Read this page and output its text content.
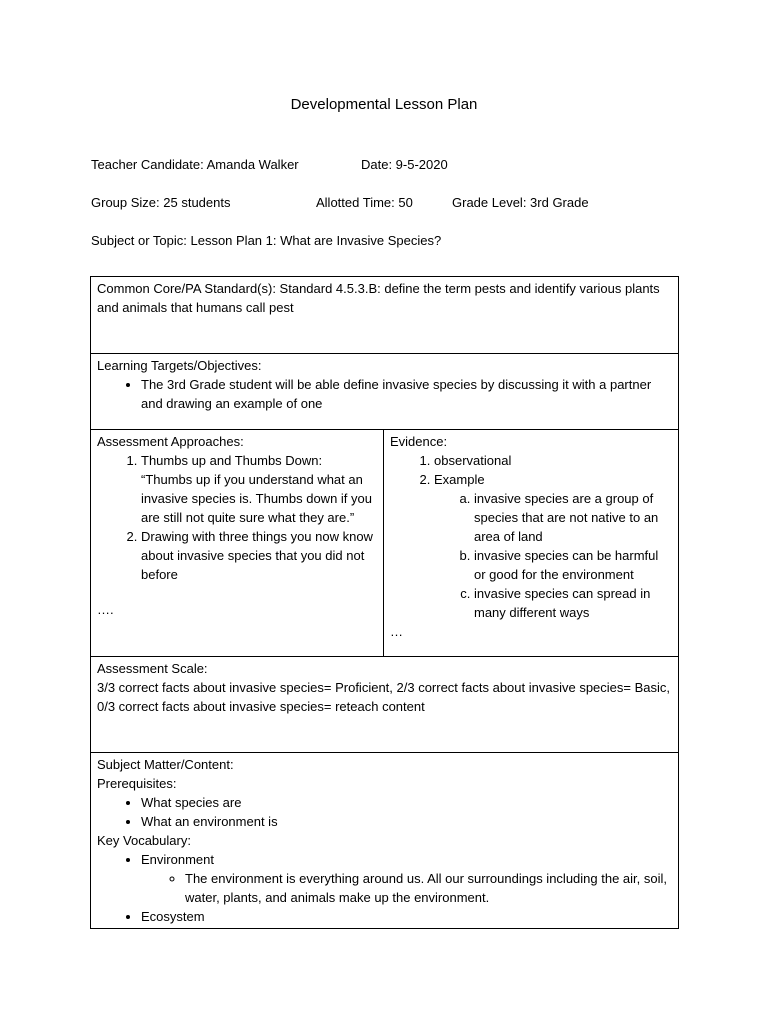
Developmental Lesson Plan
Teacher Candidate: Amanda Walker	Date: 9-5-2020
Group Size: 25 students	Allotted Time: 50	Grade Level: 3rd Grade
Subject or Topic: Lesson Plan 1: What are Invasive Species?
Common Core/PA Standard(s): Standard 4.5.3.B: define the term pests and identify various plants and animals that humans call pest

Learning Targets/Objectives:
• The 3rd Grade student will be able define invasive species by discussing it with a partner and drawing an example of one

Assessment Approaches:
1. Thumbs up and Thumbs Down: “Thumbs up if you understand what an invasive species is. Thumbs down if you are still not quite sure what they are.”
2. Drawing with three things you now know about invasive species that you did not before
….

Evidence:
1. observational
2. Example
a. invasive species are a group of species that are not native to an area of land
b. invasive species can be harmful or good for the environment
c. invasive species can spread in many different ways
…

Assessment Scale:
3/3 correct facts about invasive species= Proficient, 2/3 correct facts about invasive species= Basic, 0/3 correct facts about invasive species= reteach content

Subject Matter/Content:
Prerequisites:
• What species are
• What an environment is
Key Vocabulary:
• Environment
◦ The environment is everything around us. All our surroundings including the air, soil, water, plants, and animals make up the environment.
• Ecosystem
